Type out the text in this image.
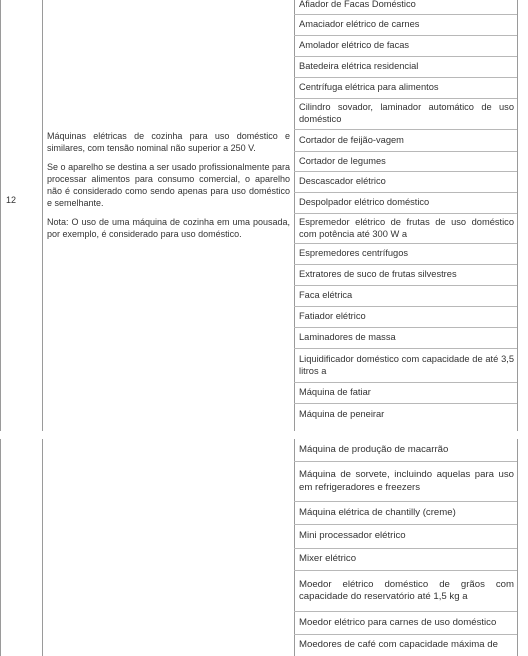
12

Máquinas elétricas de cozinha para uso doméstico e similares, com tensão nominal não superior a 250 V.

Se o aparelho se destina a ser usado profissionalmente para processar alimentos para consumo comercial, o aparelho não é considerado como sendo apenas para uso doméstico e semelhante.

Nota: O uso de uma máquina de cozinha em uma pousada, por exemplo, é considerado para uso doméstico.

Afiador de Facas Doméstico
Amaciador elétrico de carnes
Amolador elétrico de facas
Batedeira elétrica residencial
Centrífuga elétrica para alimentos
Cilindro sovador, laminador automático de uso doméstico
Cortador de feijão-vagem
Cortador de legumes
Descascador elétrico
Despolpador elétrico doméstico
Espremedor elétrico de frutas de uso doméstico com potência até 300 W a
Espremedores centrífugos
Extratores de suco de frutas silvestres
Faca elétrica
Fatiador elétrico
Laminadores de massa
Liquidificador doméstico com capacidade de até 3,5 litros a
Máquina de fatiar
Máquina de peneirar
Máquina de produção de macarrão
Máquina de sorvete, incluindo aquelas para uso em refrigeradores e freezers
Máquina elétrica de chantilly (creme)
Mini processador elétrico
Mixer elétrico
Moedor elétrico doméstico de grãos com capacidade do reservatório até 1,5 kg a
Moedor elétrico para carnes de uso doméstico
Moedores de café com capacidade máxima de
